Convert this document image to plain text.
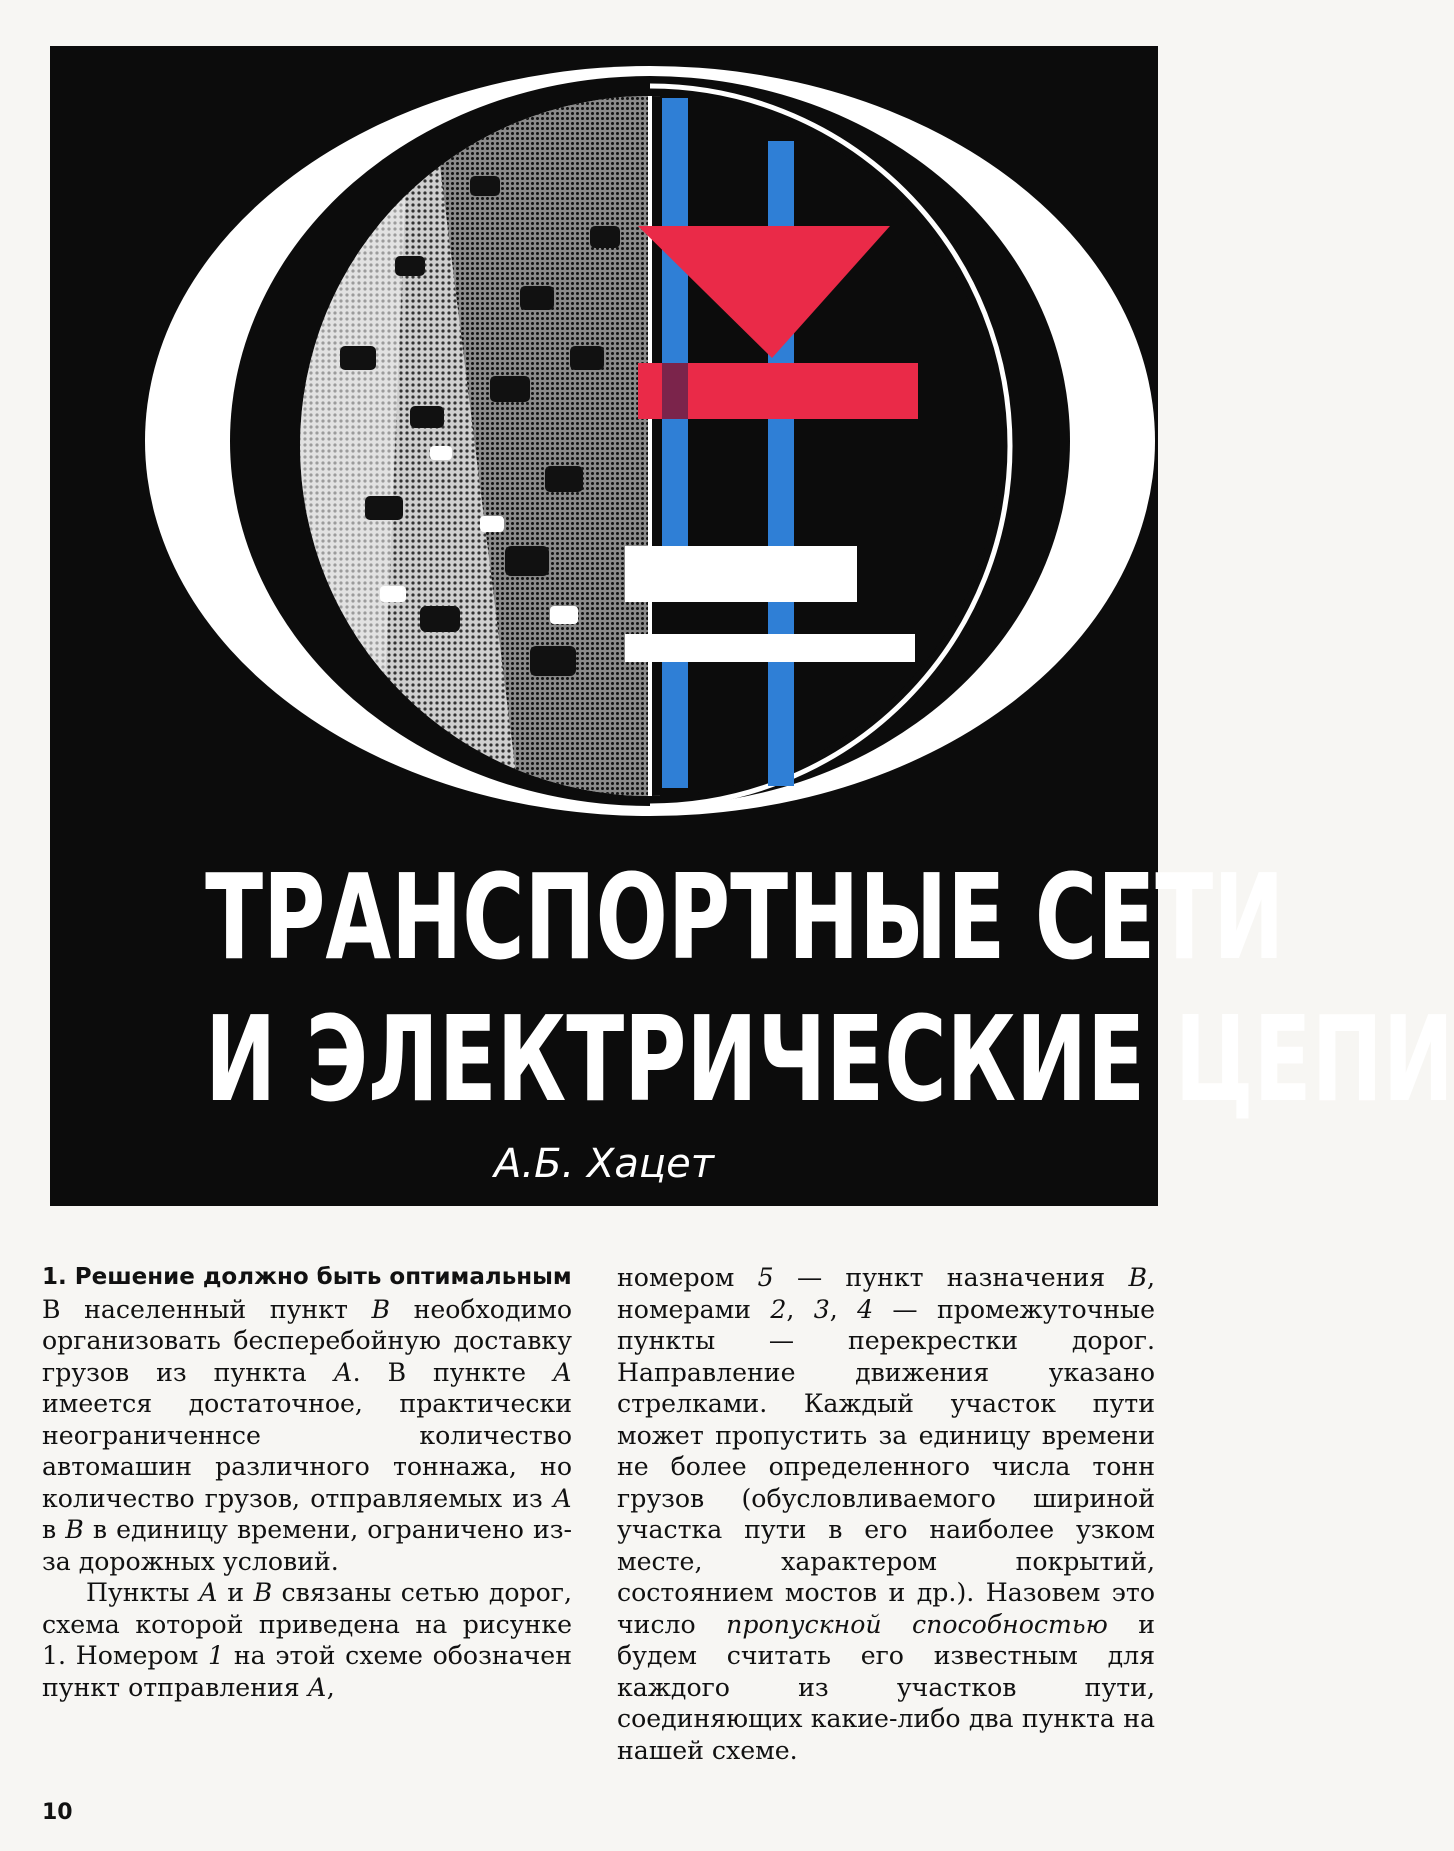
ТРАНСПОРТНЫЕ СЕТИ
И ЭЛЕКТРИЧЕСКИЕ ЦЕПИ
А.Б. Хацет

1. Решение должно быть оптимальным

В населенный пункт В необходимо организовать бесперебойную доставку грузов из пункта А. В пункте А имеется достаточное, практически неограниченнсе количество автомашин различного тоннажа, но количество грузов, отправляемых из А в В в единицу времени, ограничено из-за дорожных условий.

Пункты А и В связаны сетью дорог, схема которой приведена на рисунке 1. Номером 1 на этой схеме обозначен пункт отправления А,

номером 5 — пункт назначения В, номерами 2, 3, 4 — промежуточные пункты — перекрестки дорог. Направление движения указано стрелками. Каждый участок пути может пропустить за единицу времени не более определенного числа тонн грузов (обусловливаемого шириной участка пути в его наиболее узком месте, характером покрытий, состоянием мостов и др.). Назовем это число пропускной способностью и будем считать его известным для каждого из участков пути, соединяющих какие-либо два пункта на нашей схеме.

10
